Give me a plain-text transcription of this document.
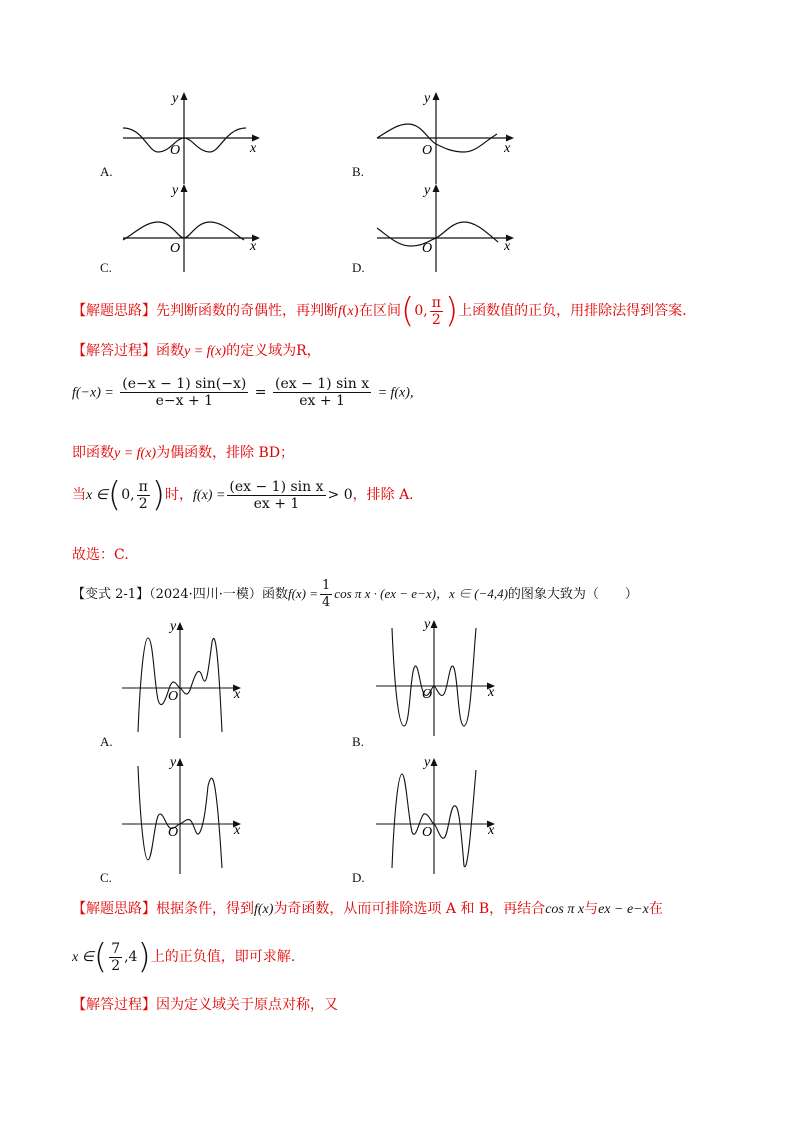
y
x
O
A.
y
x
O
B.
y
x
O
C.
y
x
O
D.
【解题思路】先判断函数的奇偶性，再判断f(x)在区间(0, $\frac{\pi}{2}$ )上函数值的正负，用排除法得到答案.
【解答过程】函数y = f(x)的定义域为R，
$f(-x) = \frac{(e-x - 1) \sin(-x)}{e-x + 1} = \frac{\text{(ex − 1) sin x}}{ex + 1} = f(x)$,
即函数y = f(x)为偶函数，排除 BD；
当x ∈(0, $\frac{\pi}{2}$ )时，$f(x) = \frac{\text{(ex − 1) sin x}}{ex + 1} > 0$，排除 A.
故选：C.
【变式 2-1】（2024·四川·一模）函数$f(x) = \frac{1}{4}$ cos π x · (ex − e−x)，x ∈ (−4,4)的图象大致为（　　）
y
x
O
A.
y
x
O
B.
y
x
O
C.
y
x
O
D.
【解题思路】根据条件，得到f(x)为奇函数，从而可排除选项 A 和 B，再结合cos π x与ex − e−x在
x ∈( $\frac{7}{2} ,4$)上的正负值，即可求解.
【解答过程】因为定义域关于原点对称，又
